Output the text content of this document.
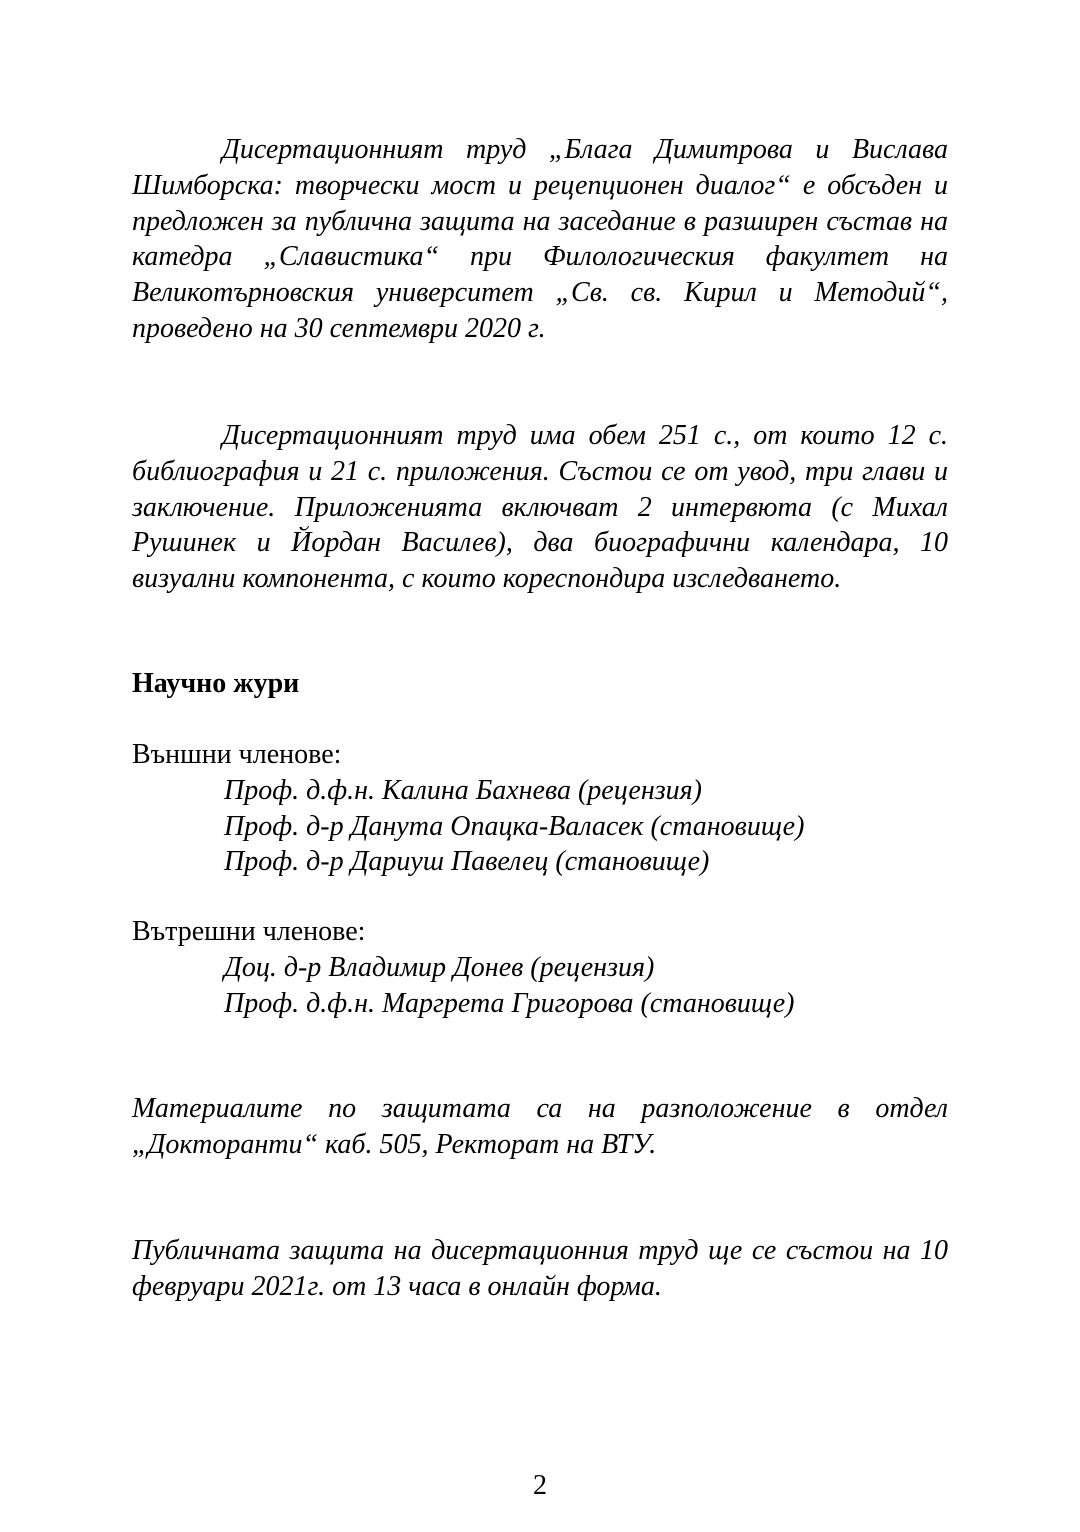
Дисертационният труд „Блага Димитрова и Вислава Шимборска: творчески мост и рецепционен диалог“ е обсъден и предложен за публична защита на заседание в разширен състав на катедра „Славистика“ при Филологическия факултет на Великотърновския университет „Св. св. Кирил и Методий“, проведено на 30 септември 2020 г.

Дисертационният труд има обем 251 с., от които 12 с. библиография и 21 с. приложения. Състои се от увод, три глави и заключение. Приложенията включват 2 интервюта (с Михал Рушинек и Йордан Василев), два биографични календара, 10 визуални компонента, с които кореспондира изследването.

Научно жури

Външни членове:

Проф. д.ф.н. Калина Бахнева (рецензия)
Проф. д-р Данута Опацка-Валасек (становище)
Проф. д-р Дариуш Павелец (становище)

Вътрешни членове:

Доц. д-р Владимир Донев (рецензия)
Проф. д.ф.н. Маргрета Григорова (становище)

Материалите по защитата са на разположение в отдел „Докторанти“ каб. 505, Ректорат на ВТУ.

Публичната защита на дисертационния труд ще се състои на 10 февруари 2021г. от 13 часа в онлайн форма.

2
